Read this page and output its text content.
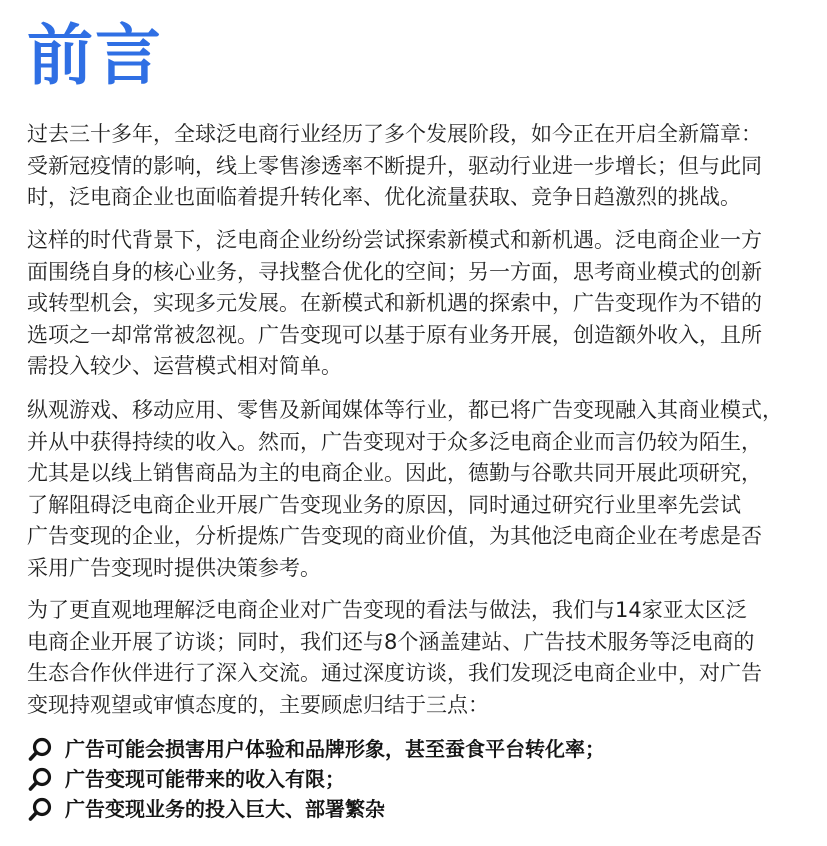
前言

过去三十多年，全球泛电商行业经历了多个发展阶段，如今正在开启全新篇章：
受新冠疫情的影响，线上零售渗透率不断提升，驱动行业进一步增长；但与此同
时，泛电商企业也面临着提升转化率、优化流量获取、竞争日趋激烈的挑战。

这样的时代背景下，泛电商企业纷纷尝试探索新模式和新机遇。泛电商企业一方
面围绕自身的核心业务，寻找整合优化的空间；另一方面，思考商业模式的创新
或转型机会，实现多元发展。在新模式和新机遇的探索中，广告变现作为不错的
选项之一却常常被忽视。广告变现可以基于原有业务开展，创造额外收入，且所
需投入较少、运营模式相对简单。

纵观游戏、移动应用、零售及新闻媒体等行业，都已将广告变现融入其商业模式，
并从中获得持续的收入。然而，广告变现对于众多泛电商企业而言仍较为陌生，
尤其是以线上销售商品为主的电商企业。因此，德勤与谷歌共同开展此项研究，
了解阻碍泛电商企业开展广告变现业务的原因，同时通过研究行业里率先尝试
广告变现的企业，分析提炼广告变现的商业价值，为其他泛电商企业在考虑是否
采用广告变现时提供决策参考。

为了更直观地理解泛电商企业对广告变现的看法与做法，我们与14家亚太区泛
电商企业开展了访谈；同时，我们还与8个涵盖建站、广告技术服务等泛电商的
生态合作伙伴进行了深入交流。通过深度访谈，我们发现泛电商企业中，对广告
变现持观望或审慎态度的，主要顾虑归结于三点：

广告可能会损害用户体验和品牌形象，甚至蚕食平台转化率；
广告变现可能带来的收入有限；
广告变现业务的投入巨大、部署繁杂
